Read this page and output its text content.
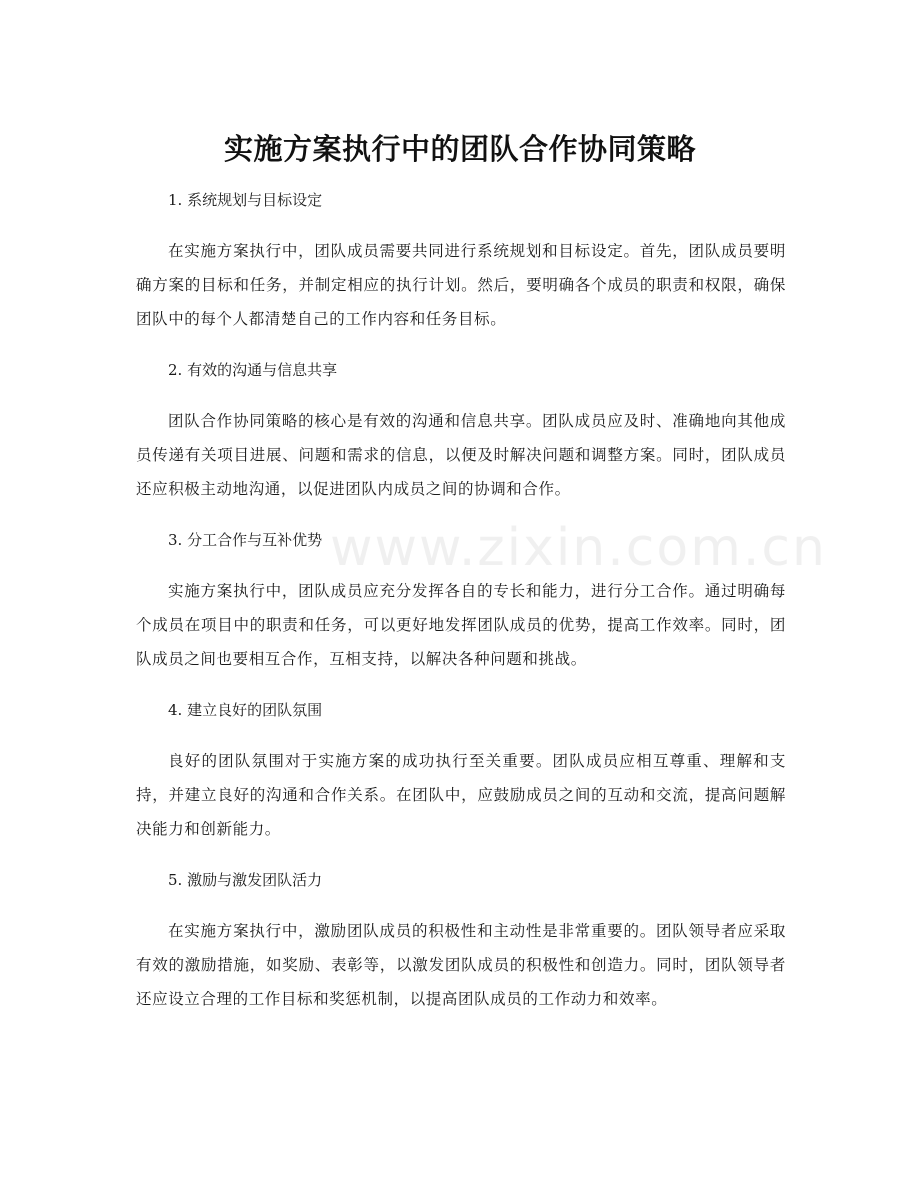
www.zixin.com.cn
实施方案执行中的团队合作协同策略

1. 系统规划与目标设定

在实施方案执行中，团队成员需要共同进行系统规划和目标设定。首先，团队成员要明确方案的目标和任务，并制定相应的执行计划。然后，要明确各个成员的职责和权限，确保团队中的每个人都清楚自己的工作内容和任务目标。

2. 有效的沟通与信息共享

团队合作协同策略的核心是有效的沟通和信息共享。团队成员应及时、准确地向其他成员传递有关项目进展、问题和需求的信息，以便及时解决问题和调整方案。同时，团队成员还应积极主动地沟通，以促进团队内成员之间的协调和合作。

3. 分工合作与互补优势

实施方案执行中，团队成员应充分发挥各自的专长和能力，进行分工合作。通过明确每个成员在项目中的职责和任务，可以更好地发挥团队成员的优势，提高工作效率。同时，团队成员之间也要相互合作，互相支持，以解决各种问题和挑战。

4. 建立良好的团队氛围

良好的团队氛围对于实施方案的成功执行至关重要。团队成员应相互尊重、理解和支持，并建立良好的沟通和合作关系。在团队中，应鼓励成员之间的互动和交流，提高问题解决能力和创新能力。

5. 激励与激发团队活力

在实施方案执行中，激励团队成员的积极性和主动性是非常重要的。团队领导者应采取有效的激励措施，如奖励、表彰等，以激发团队成员的积极性和创造力。同时，团队领导者还应设立合理的工作目标和奖惩机制，以提高团队成员的工作动力和效率。
